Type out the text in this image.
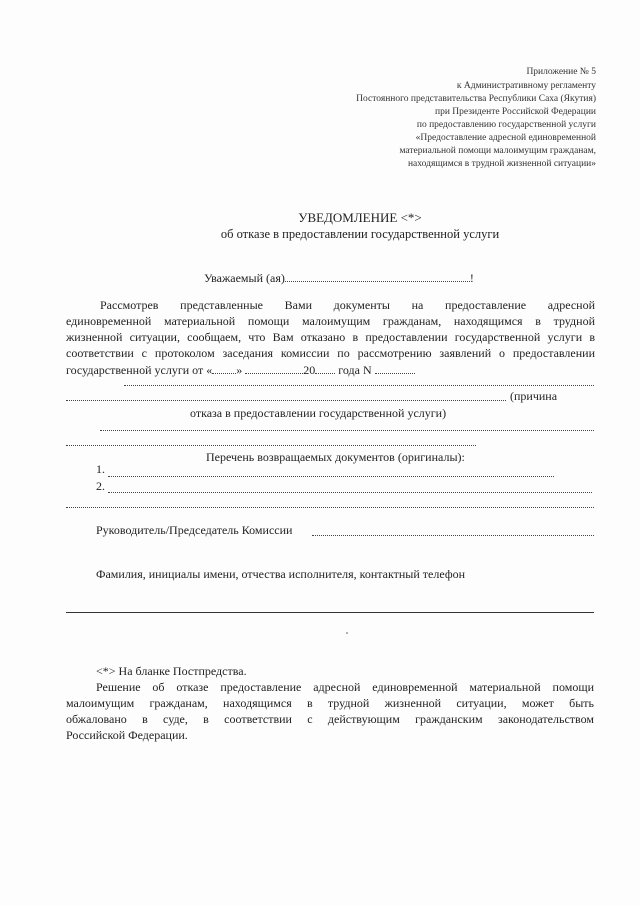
Приложение № 5
к Административному регламенту
Постоянного представительства Республики Саха (Якутия)
при Президенте Российской Федерации
по предоставлению государственной услуги
«Предоставление адресной единовременной
материальной помощи малоимущим гражданам,
находящимся в трудной жизненной ситуации»
УВЕДОМЛЕНИЕ <*>
об отказе в предоставлении государственной услуги
Уважаемый (ая)	!
Рассмотрев представленные Вами документы на предоставление адресной
единовременной материальной помощи малоимущим гражданам, находящимся в трудной
жизненной ситуации, сообщаем, что Вам отказано в предоставлении государственной услуги в
соответствии с протоколом заседания комиссии по рассмотрению заявлений о предоставлении
государственной услуги от « »	20 года N
(причина
отказа в предоставлении государственной услуги)
Перечень возвращаемых документов (оригиналы):
1.
2.
Руководитель/Председатель Комиссии
Фамилия, инициалы имени, отчества исполнителя, контактный телефон
<*> На бланке Постпредства.
Решение об отказе предоставление адресной единовременной материальной помощи
малоимущим гражданам, находящимся в трудной жизненной ситуации, может быть
обжаловано в суде, в соответствии с действующим гражданским законодательством
Российской Федерации.
